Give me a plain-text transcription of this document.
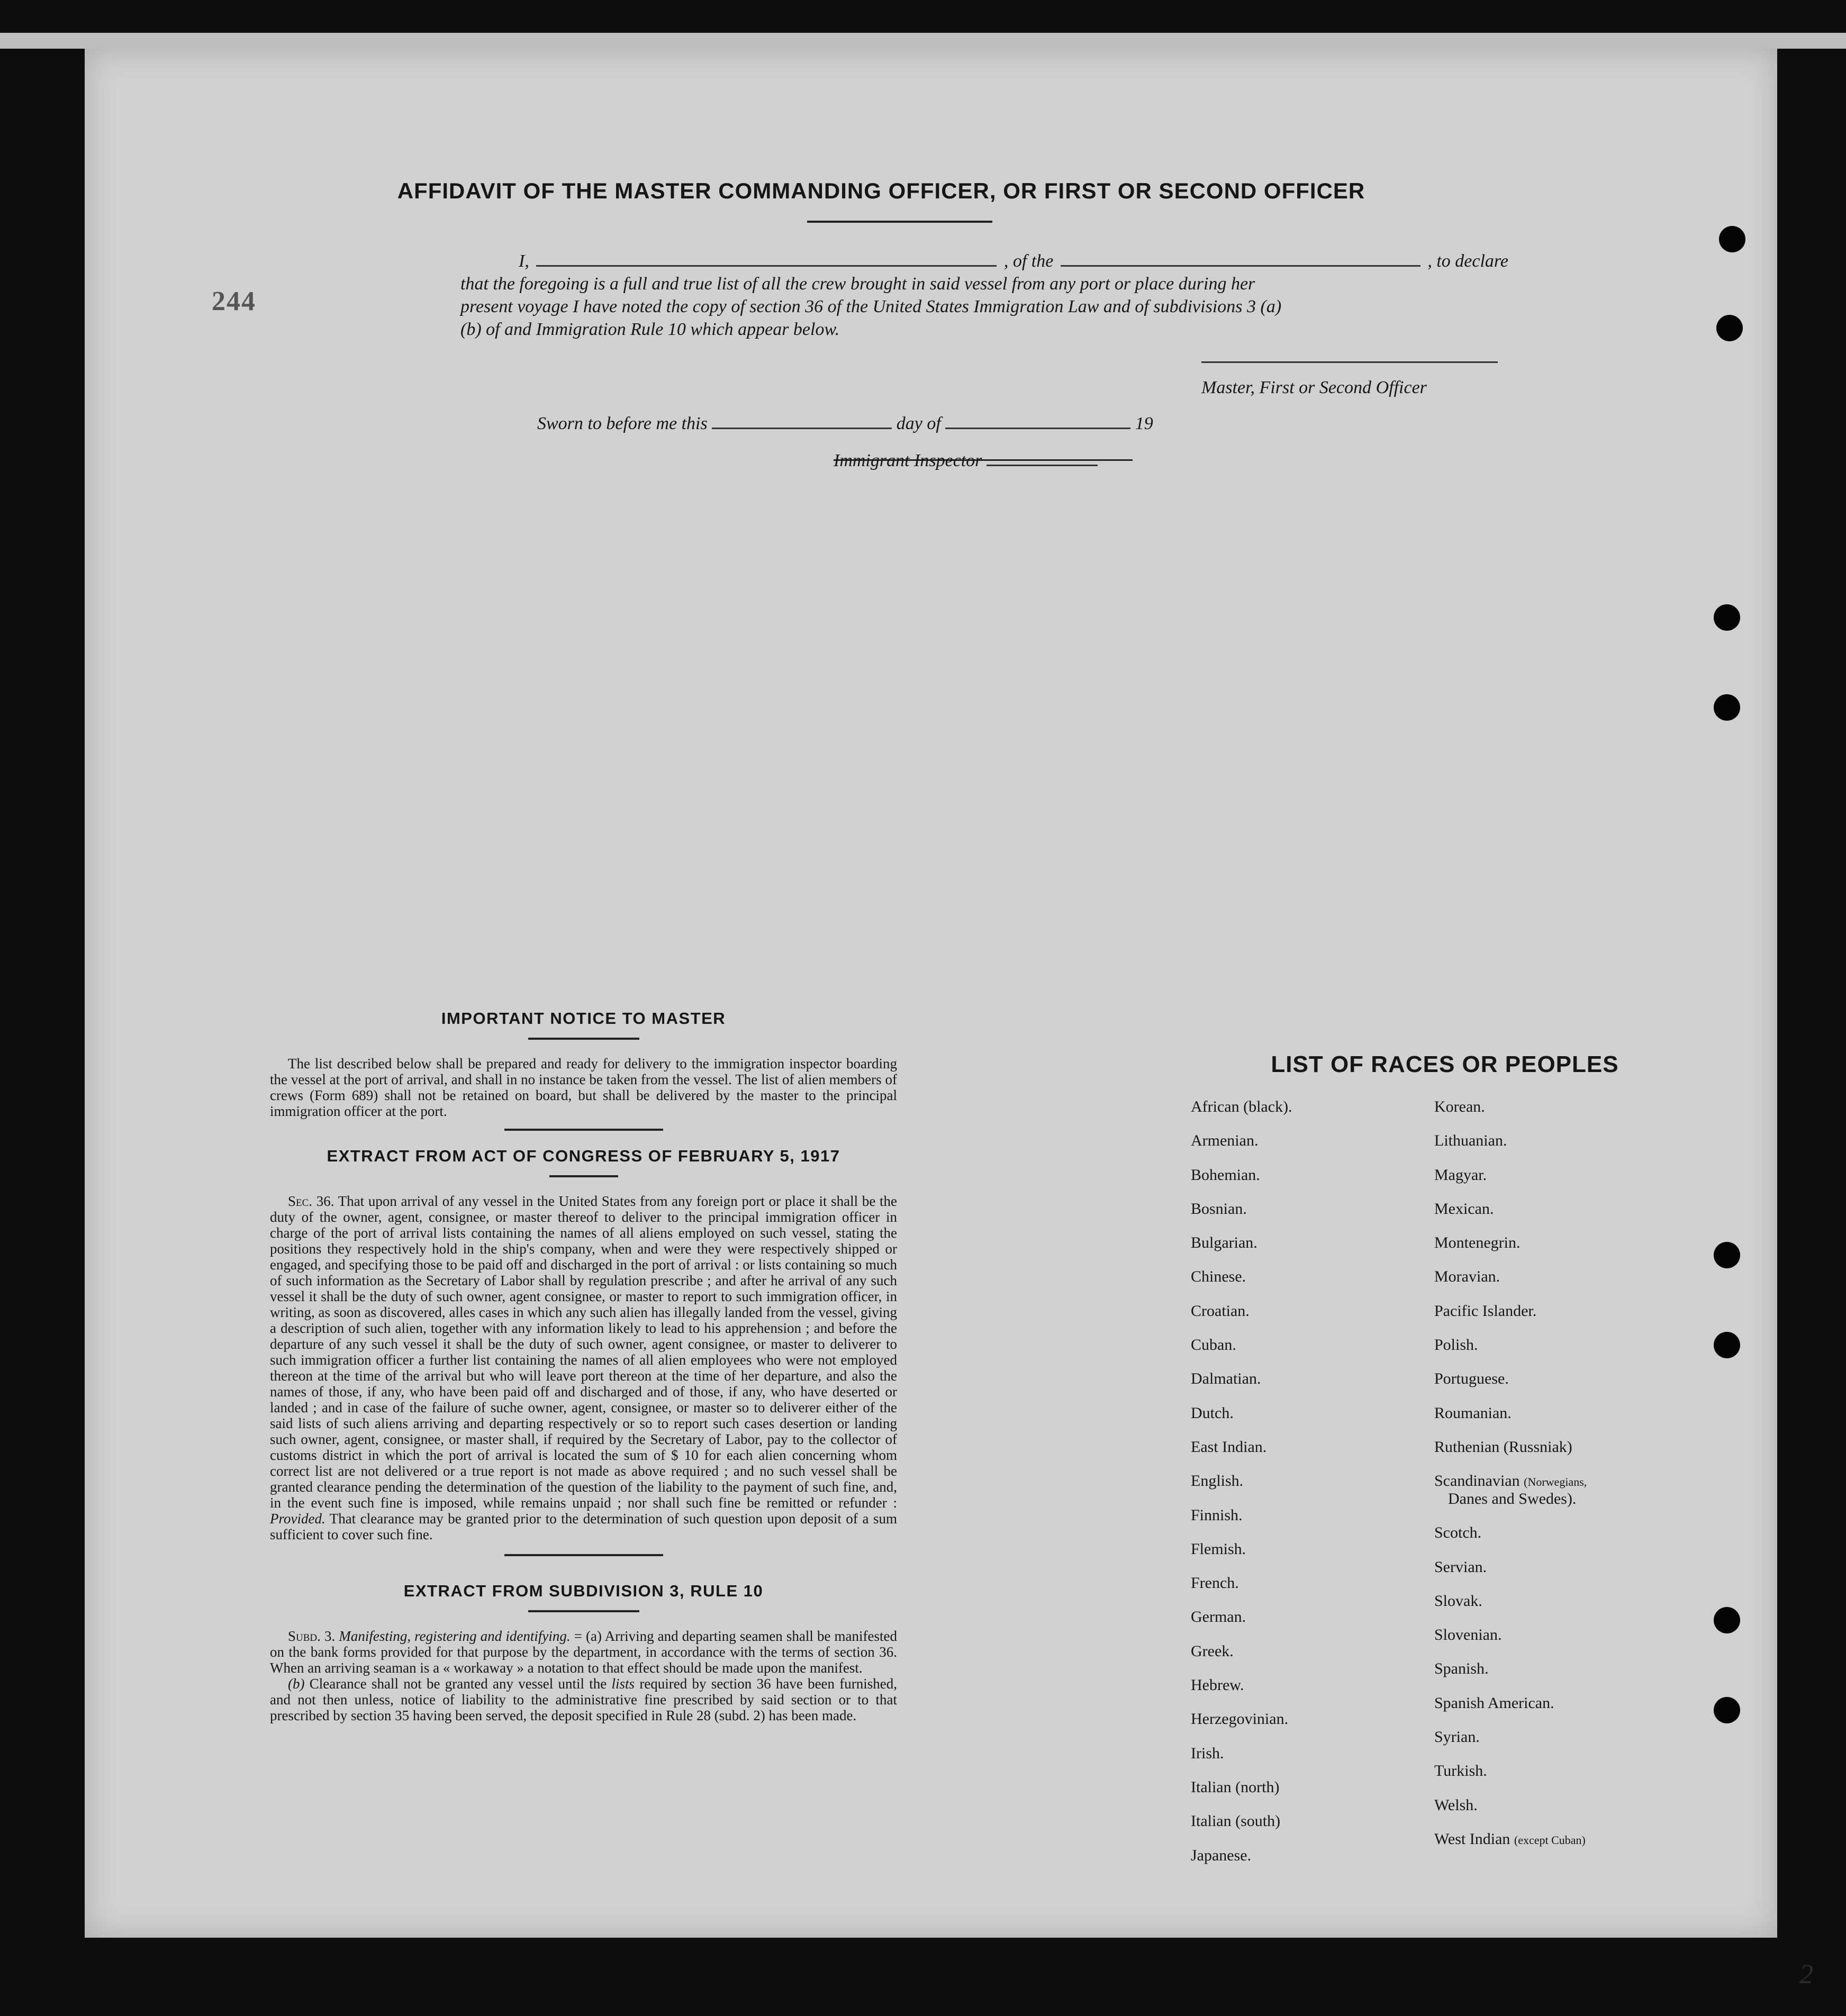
244
AFFIDAVIT OF THE MASTER COMMANDING OFFICER, OR FIRST OR SECOND OFFICER
I,	, of the	, to declare
that the foregoing is a full and true list of all the crew brought in said vessel from any port or place during her
present voyage I have noted the copy of section 36 of the United States Immigration Law and of subdivisions 3 (a)
(b) of and Immigration Rule 10 which appear below.
Master, First or Second Officer
Sworn to before me this	day of	19
Immigrant Inspector
IMPORTANT NOTICE TO MASTER
The list described below shall be prepared and ready for delivery to the immigration inspector boarding the vessel at the port of arrival, and shall in no instance be taken from the vessel. The list of alien members of crews (Form 689) shall not be retained on board, but shall be delivered by the master to the principal immigration officer at the port.
EXTRACT FROM ACT OF CONGRESS OF FEBRUARY 5, 1917
Sec. 36. That upon arrival of any vessel in the United States from any foreign port or place it shall be the duty of the owner, agent, consignee, or master thereof to deliver to the principal immigration officer in charge of the port of arrival lists containing the names of all aliens employed on such vessel, stating the positions they respectively hold in the ship's company, when and were they were respectively shipped or engaged, and specifying those to be paid off and discharged in the port of arrival : or lists containing so much of such information as the Secretary of Labor shall by regulation prescribe ; and after he arrival of any such vessel it shall be the duty of such owner, agent consignee, or master to report to such immigration officer, in writing, as soon as discovered, alles cases in which any such alien has illegally landed from the vessel, giving a description of such alien, together with any information likely to lead to his apprehension ; and before the departure of any such vessel it shall be the duty of such owner, agent consignee, or master to deliverer to such immigration officer a further list containing the names of all alien employees who were not employed thereon at the time of the arrival but who will leave port thereon at the time of her departure, and also the names of those, if any, who have been paid off and discharged and of those, if any, who have deserted or landed ; and in case of the failure of suche owner, agent, consignee, or master so to deliverer either of the said lists of such aliens arriving and departing respectively or so to report such cases desertion or landing such owner, agent, consignee, or master shall, if required by the Secretary of Labor, pay to the collector of customs district in which the port of arrival is located the sum of $ 10 for each alien concerning whom correct list are not delivered or a true report is not made as above required ; and no such vessel shall be granted clearance pending the determination of the question of the liability to the payment of such fine, and, in the event such fine is imposed, while remains unpaid ; nor shall such fine be remitted or refunder : Provided. That clearance may be granted prior to the determination of such question upon deposit of a sum sufficient to cover such fine.
EXTRACT FROM SUBDIVISION 3, RULE 10
Subd. 3. Manifesting, registering and identifying. = (a) Arriving and departing seamen shall be manifested on the bank forms provided for that purpose by the department, in accordance with the terms of section 36. When an arriving seaman is a « workaway » a notation to that effect should be made upon the manifest.
(b) Clearance shall not be granted any vessel until the lists required by section 36 have been furnished, and not then unless, notice of liability to the administrative fine prescribed by said section or to that prescribed by section 35 having been served, the deposit specified in Rule 28 (subd. 2) has been made.
LIST OF RACES OR PEOPLES
African (black).
Armenian.
Bohemian.
Bosnian.
Bulgarian.
Chinese.
Croatian.
Cuban.
Dalmatian.
Dutch.
East Indian.
English.
Finnish.
Flemish.
French.
German.
Greek.
Hebrew.
Herzegovinian.
Irish.
Italian (north)
Italian (south)
Japanese.
Korean.
Lithuanian.
Magyar.
Mexican.
Montenegrin.
Moravian.
Pacific Islander.
Polish.
Portuguese.
Roumanian.
Ruthenian (Russniak)
Scandinavian (Norwegians,
Danes and Swedes).
Scotch.
Servian.
Slovak.
Slovenian.
Spanish.
Spanish American.
Syrian.
Turkish.
Welsh.
West Indian (except Cuban)
2
